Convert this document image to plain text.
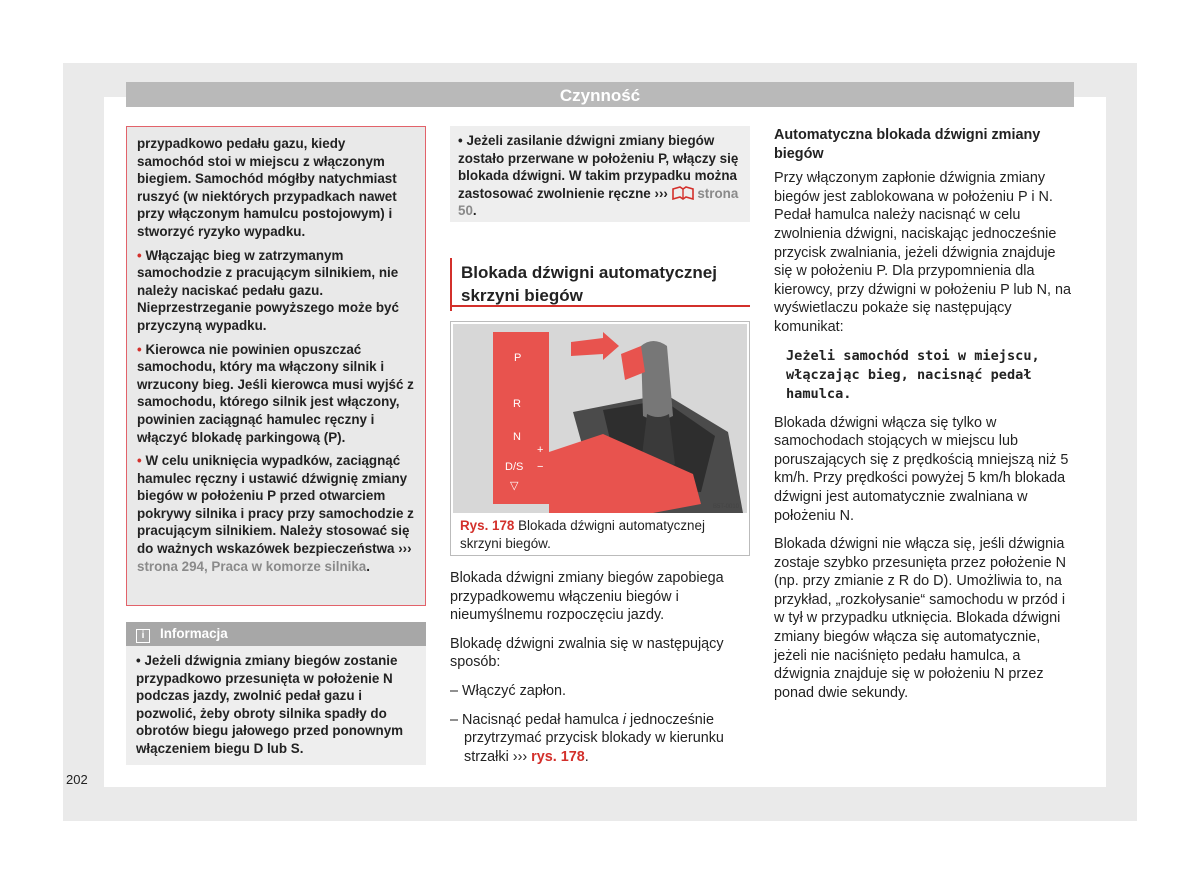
Czynność

przypadkowo pedału gazu, kiedy samochód stoi w miejscu z włączonym biegiem. Samochód mógłby natychmiast ruszyć (w niektórych przypadkach nawet przy włączonym hamulcu postojowym) i stworzyć ryzyko wypadku.

• Włączając bieg w zatrzymanym samochodzie z pracującym silnikiem, nie należy naciskać pedału gazu. Nieprzestrzeganie powyższego może być przyczyną wypadku.

• Kierowca nie powinien opuszczać samochodu, który ma włączony silnik i wrzucony bieg. Jeśli kierowca musi wyjść z samochodu, którego silnik jest włączony, powinien zaciągnąć hamulec ręczny i włączyć blokadę parkingową (P).

• W celu uniknięcia wypadków, zaciągnąć hamulec ręczny i ustawić dźwignię zmiany biegów w położeniu P przed otwarciem pokrywy silnika i pracy przy samochodzie z pracującym silnikiem. Należy stosować się do ważnych wskazówek bezpieczeństwa ››› strona 294, Praca w komorze silnika.

i Informacja
• Jeżeli dźwignia zmiany biegów zostanie przypadkowo przesunięta w położenie N podczas jazdy, zwolnić pedał gazu i pozwolić, żeby obroty silnika spadły do obrotów biegu jałowego przed ponownym włączeniem biegu D lub S.
202
• Jeżeli zasilanie dźwigni zmiany biegów zostało przerwane w położeniu P, włączy się blokada dźwigni. W takim przypadku można zastosować zwolnienie ręczne ››› strona 50.
Blokada dźwigni automatycznej skrzyni biegów
P
R
N
D/S
▽
+
−
B5T-0010
Rys. 178 Blokada dźwigni automatycznej skrzyni biegów.

Blokada dźwigni zmiany biegów zapobiega przypadkowemu włączeniu biegów i nieumyślnemu rozpoczęciu jazdy.

Blokadę dźwigni zwalnia się w następujący sposób:

– Włączyć zapłon.
– Nacisnąć pedał hamulca i jednocześnie przytrzymać przycisk blokady w kierunku strzałki ››› rys. 178.
Automatyczna blokada dźwigni zmiany biegów

Przy włączonym zapłonie dźwignia zmiany biegów jest zablokowana w położeniu P i N. Pedał hamulca należy nacisnąć w celu zwolnienia dźwigni, naciskając jednocześnie przycisk zwalniania, jeżeli dźwignia znajduje się w położeniu P. Dla przypomnienia dla kierowcy, przy dźwigni w położeniu P lub N, na wyświetlaczu pokaże się następujący komunikat:

Jeżeli samochód stoi w miejscu, włączając bieg, nacisnąć pedał hamulca.

Blokada dźwigni włącza się tylko w samochodach stojących w miejscu lub poruszających się z prędkością mniejszą niż 5 km/h. Przy prędkości powyżej 5 km/h blokada dźwigni jest automatycznie zwalniana w położeniu N.

Blokada dźwigni nie włącza się, jeśli dźwignia zostaje szybko przesunięta przez położenie N (np. przy zmianie z R do D). Umożliwia to, na przykład, „rozkołysanie“ samochodu w przód i w tył w przypadku utknięcia. Blokada dźwigni zmiany biegów włącza się automatycznie, jeżeli nie naciśnięto pedału hamulca, a dźwignia znajduje się w położeniu N przez ponad dwie sekundy.
